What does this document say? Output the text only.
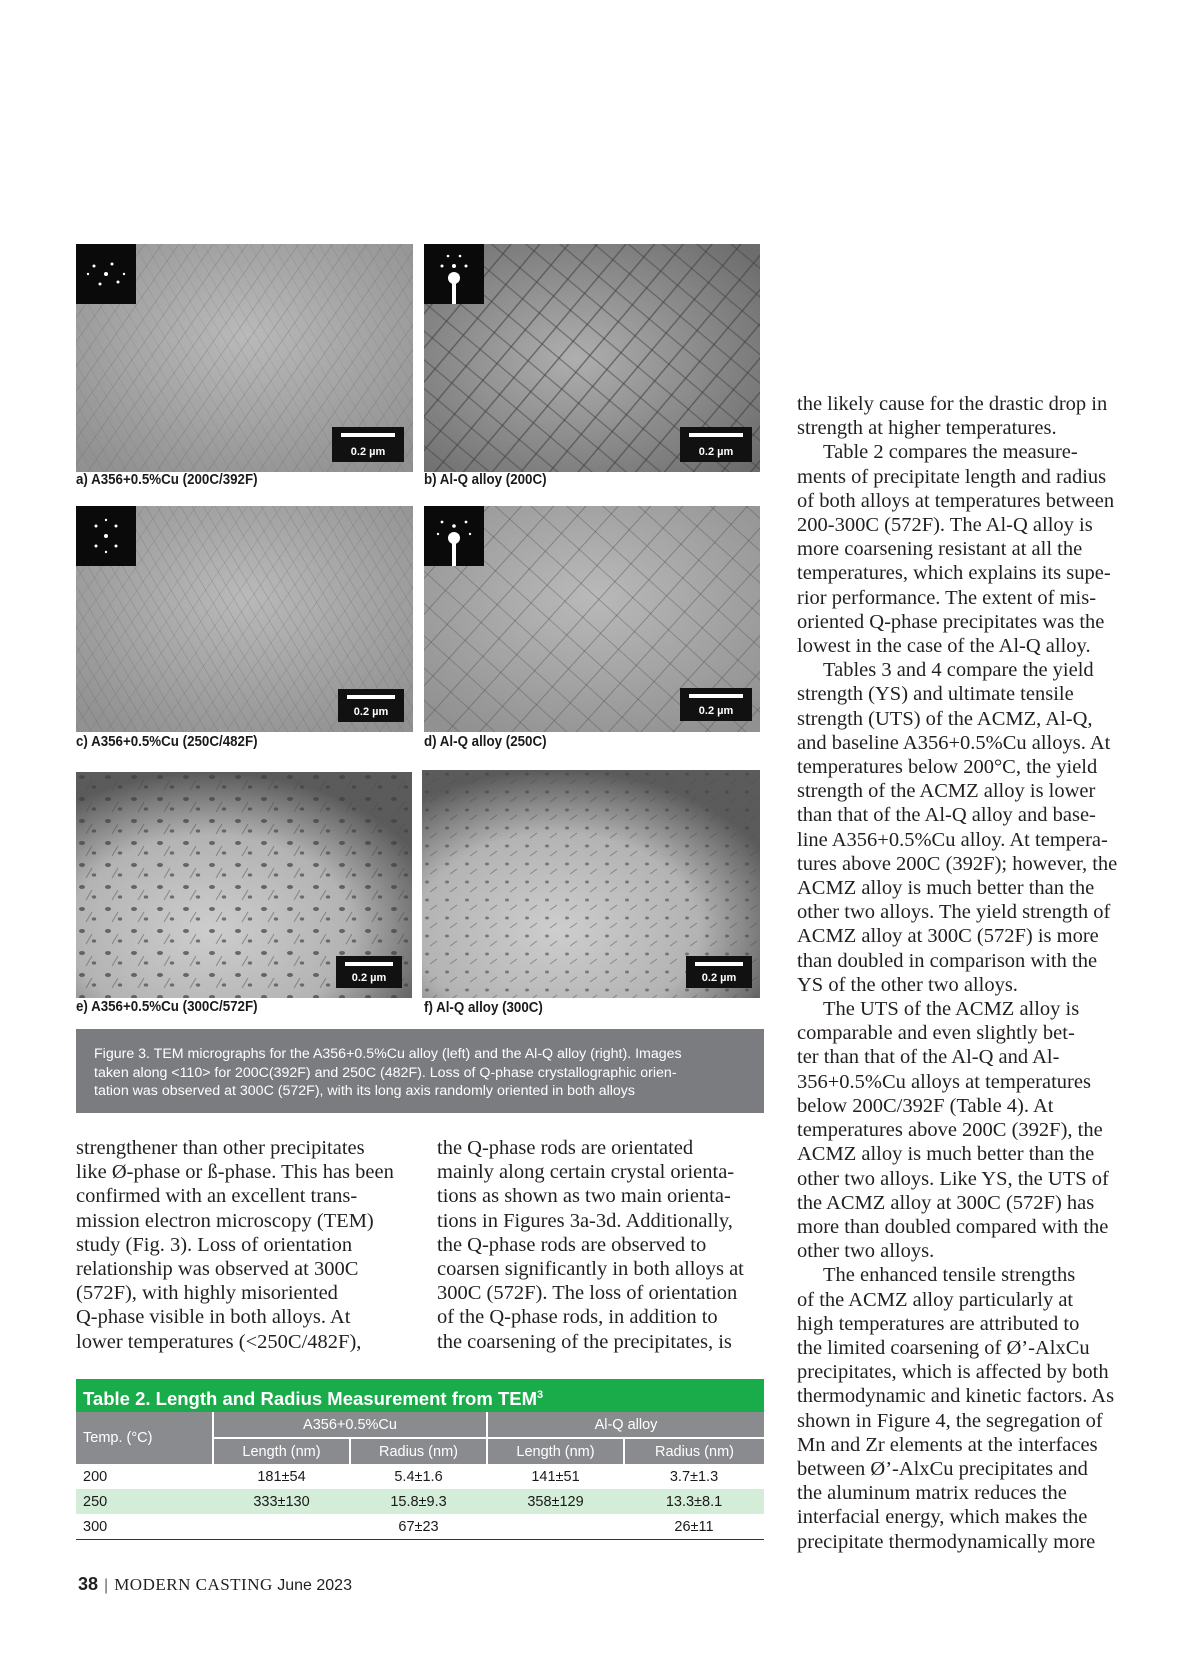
0.2 µm
a) A356+0.5%Cu (200C/392F)
0.2 µm
b) Al-Q alloy (200C)
0.2 µm
c) A356+0.5%Cu (250C/482F)
0.2 µm
d) Al-Q alloy (250C)
0.2 µm
e) A356+0.5%Cu (300C/572F)
0.2 µm
f) Al-Q alloy (300C)
Figure 3. TEM micrographs for the A356+0.5%Cu alloy (left) and the Al-Q alloy (right). Images
taken along <110> for 200C(392F) and 250C (482F). Loss of Q-phase crystallographic orien-
tation was observed at 300C (572F), with its long axis randomly oriented in both alloys

strengthener than other precipitates
like Ø-phase or ß-phase. This has been
confirmed with an excellent trans-
mission electron microscopy (TEM)
study (Fig. 3). Loss of orientation
relationship was observed at 300C
(572F), with highly misoriented
Q-phase visible in both alloys. At
lower temperatures (<250C/482F),

the Q-phase rods are orientated
mainly along certain crystal orienta-
tions as shown as two main orienta-
tions in Figures 3a-3d. Additionally,
the Q-phase rods are observed to
coarsen significantly in both alloys at
300C (572F). The loss of orientation
of the Q-phase rods, in addition to
the coarsening of the precipitates, is

the likely cause for the drastic drop in
strength at higher temperatures.

Table 2 compares the measure-
ments of precipitate length and radius
of both alloys at temperatures between
200-300C (572F). The Al-Q alloy is
more coarsening resistant at all the
temperatures, which explains its supe-
rior performance. The extent of mis-
oriented Q-phase precipitates was the
lowest in the case of the Al-Q alloy.

Tables 3 and 4 compare the yield
strength (YS) and ultimate tensile
strength (UTS) of the ACMZ, Al-Q,
and baseline A356+0.5%Cu alloys. At
temperatures below 200°C, the yield
strength of the ACMZ alloy is lower
than that of the Al-Q alloy and base-
line A356+0.5%Cu alloy. At tempera-
tures above 200C (392F); however, the
ACMZ alloy is much better than the
other two alloys. The yield strength of
ACMZ alloy at 300C (572F) is more
than doubled in comparison with the
YS of the other two alloys.

The UTS of the ACMZ alloy is
comparable and even slightly bet-
ter than that of the Al-Q and Al-
356+0.5%Cu alloys at temperatures
below 200C/392F (Table 4). At
temperatures above 200C (392F), the
ACMZ alloy is much better than the
other two alloys. Like YS, the UTS of
the ACMZ alloy at 300C (572F) has
more than doubled compared with the
other two alloys.

The enhanced tensile strengths
of the ACMZ alloy particularly at
high temperatures are attributed to
the limited coarsening of Ø’-AlxCu
precipitates, which is affected by both
thermodynamic and kinetic factors. As
shown in Figure 4, the segregation of
Mn and Zr elements at the interfaces
between Ø’-AlxCu precipitates and
the aluminum matrix reduces the
interfacial energy, which makes the
precipitate thermodynamically more

Table 2. Length and Radius Measurement from TEM$^3$
Temp. (°C)	A356+0.5%Cu		Al-Q alloy	
	Length (nm)	Radius (nm)	Length (nm)	Radius (nm)
200	181±54	5.4±1.6	141±51	3.7±1.3
250	333±130	15.8±9.3	358±129	13.3±8.1
300		67±23		26±11
38 | MODERN CASTING June 2023
